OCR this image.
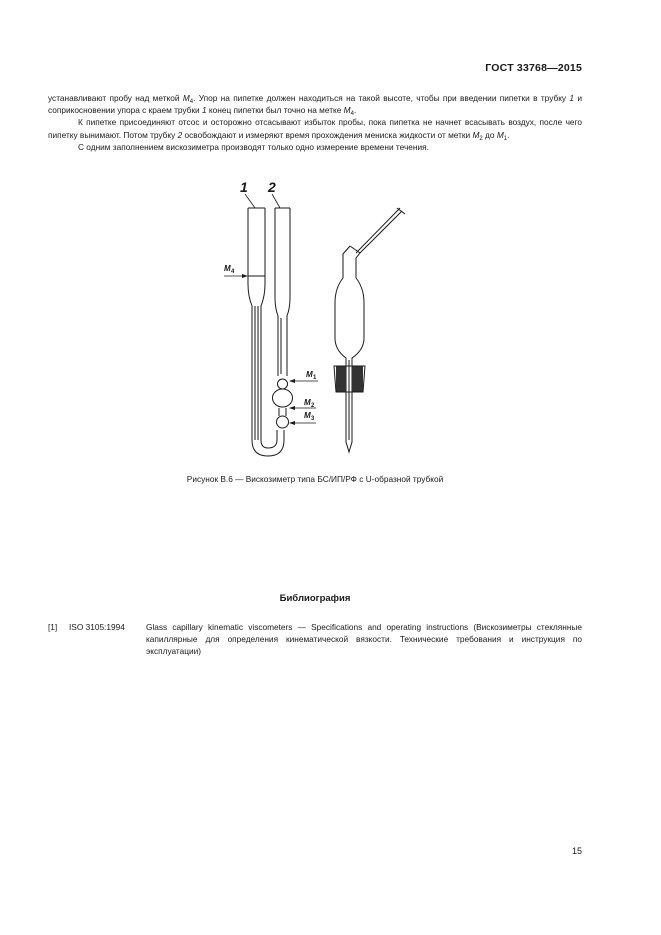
ГОСТ 33768—2015

устанавливают пробу над меткой $M_4$. Упор на пипетке должен находиться на такой высоте, чтобы при введении пипетки в трубку 1 и соприкосновении упора с краем трубки 1 конец пипетки был точно на метке $M_4$.

К пипетке присоединяют отсос и осторожно отсасывают избыток пробы, пока пипетка не начнет всасывать воздух, после чего пипетку вынимают. Потом трубку 2 освобождают и измеряют время прохождения мениска жидкости от метки $M_2$ до $M_1$.

С одним заполнением вискозиметра производят только одно измерение времени течения.

1 2
M 4
M 1
M 2
M 3
Рисунок В.6 — Вискозиметр типа БС/ИП/РФ с U-образной трубкой
Библиография
[1] ISO 3105:1994	Glass capillary kinematic viscometers — Specifications and operating instructions (Вискозиметры стеклянные капиллярные для определения кинематической вязкости. Технические требования и инструкция по эксплуатации)
15
